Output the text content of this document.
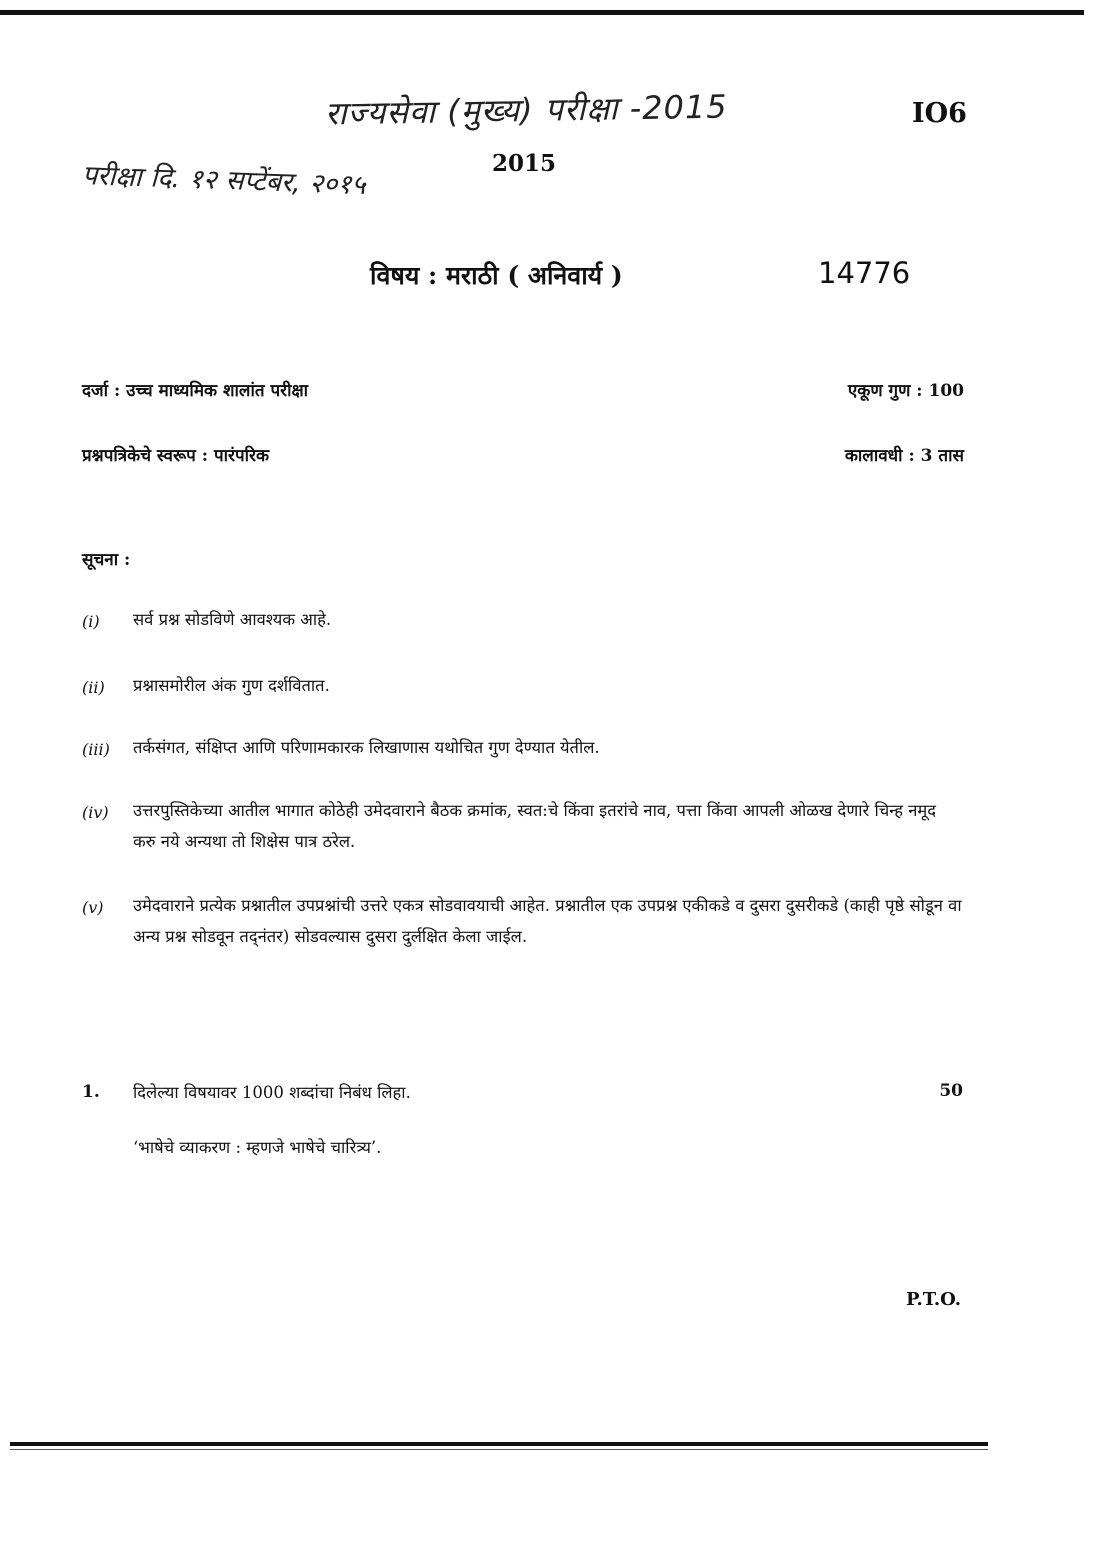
राज्यसेवा (मुख्य) परीक्षा -2015	IO6
परीक्षा दि. १२ सप्टेंबर, २०१५	2015
विषय : मराठी ( अनिवार्य )	14776
दर्जा : उच्च माध्यमिक शालांत परीक्षा	एकूण गुण : 100
प्रश्नपत्रिकेचे स्वरूप : पारंपरिक	कालावधी : 3 तास
सूचना :
(i) सर्व प्रश्न सोडविणे आवश्यक आहे.
(ii) प्रश्नासमोरील अंक गुण दर्शवितात.
(iii) तर्कसंगत, संक्षिप्त आणि परिणामकारक लिखाणास यथोचित गुण देण्यात येतील.
(iv) उत्तरपुस्तिकेच्या आतील भागात कोठेही उमेदवाराने बैठक क्रमांक, स्वत:चे किंवा इतरांचे नाव, पत्ता किंवा आपली ओळख देणारे चिन्ह नमूद करु नये अन्यथा तो शिक्षेस पात्र ठरेल.
(v) उमेदवाराने प्रत्येक प्रश्नातील उपप्रश्नांची उत्तरे एकत्र सोडवावयाची आहेत. प्रश्नातील एक उपप्रश्न एकीकडे व दुसरा दुसरीकडे (काही पृष्ठे सोडून वा अन्य प्रश्न सोडवून तद्नंतर) सोडवल्यास दुसरा दुर्लक्षित केला जाईल.
1. दिलेल्या विषयावर 1000 शब्दांचा निबंध लिहा.	50
‘भाषेचे व्याकरण : म्हणजे भाषेचे चारित्र्य’.
P.T.O.
